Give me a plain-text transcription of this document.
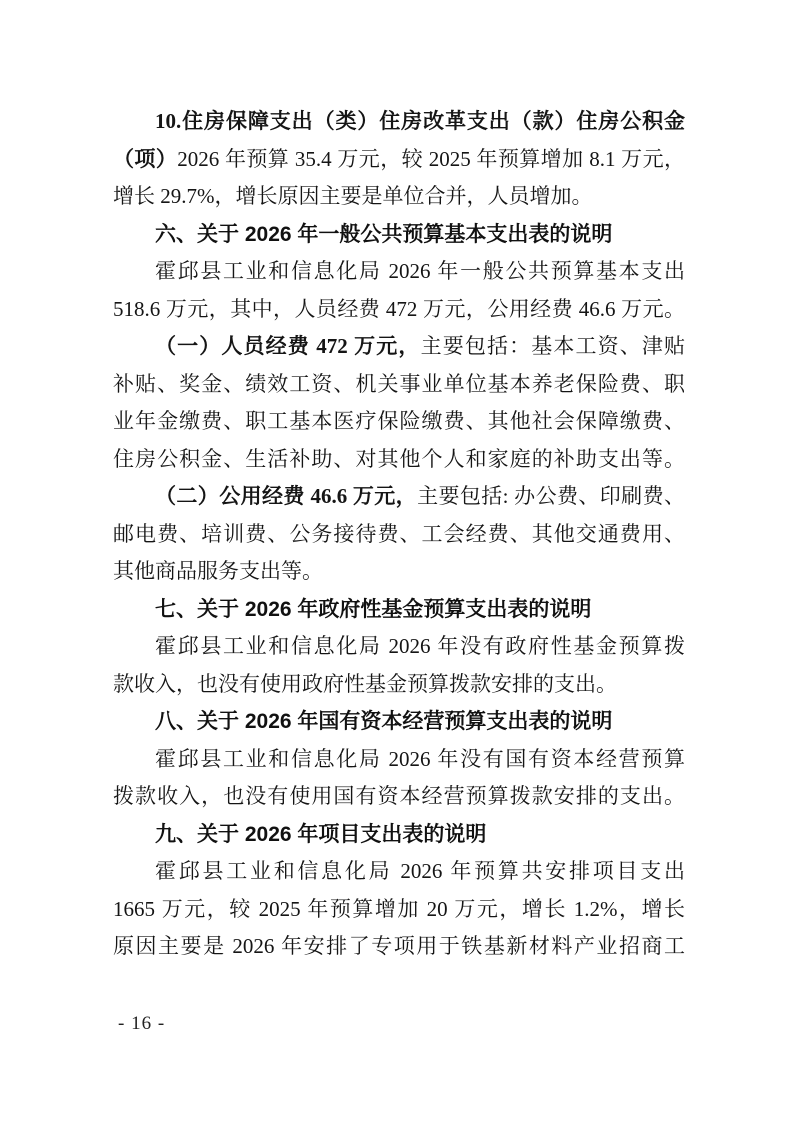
10.住房保障支出（类）住房改革支出（款）住房公积金
（项）2026 年预算 35.4 万元，较 2025 年预算增加 8.1 万元，
增长 29.7%，增长原因主要是单位合并，人员增加。
六、关于 2026 年一般公共预算基本支出表的说明
霍邱县工业和信息化局 2026 年一般公共预算基本支出
518.6 万元，其中，人员经费 472 万元，公用经费 46.6 万元。
（一）人员经费 472 万元，主要包括：基本工资、津贴
补贴、奖金、绩效工资、机关事业单位基本养老保险费、职
业年金缴费、职工基本医疗保险缴费、其他社会保障缴费、
住房公积金、生活补助、对其他个人和家庭的补助支出等。
（二）公用经费 46.6 万元，主要包括: 办公费、印刷费、
邮电费、培训费、公务接待费、工会经费、其他交通费用、
其他商品服务支出等。
七、关于 2026 年政府性基金预算支出表的说明
霍邱县工业和信息化局 2026 年没有政府性基金预算拨
款收入，也没有使用政府性基金预算拨款安排的支出。
八、关于 2026 年国有资本经营预算支出表的说明
霍邱县工业和信息化局 2026 年没有国有资本经营预算
拨款收入，也没有使用国有资本经营预算拨款安排的支出。
九、关于 2026 年项目支出表的说明
霍邱县工业和信息化局 2026 年预算共安排项目支出
1665 万元，较 2025 年预算增加 20 万元，增长 1.2%，增长
原因主要是 2026 年安排了专项用于铁基新材料产业招商工
- 16 -
